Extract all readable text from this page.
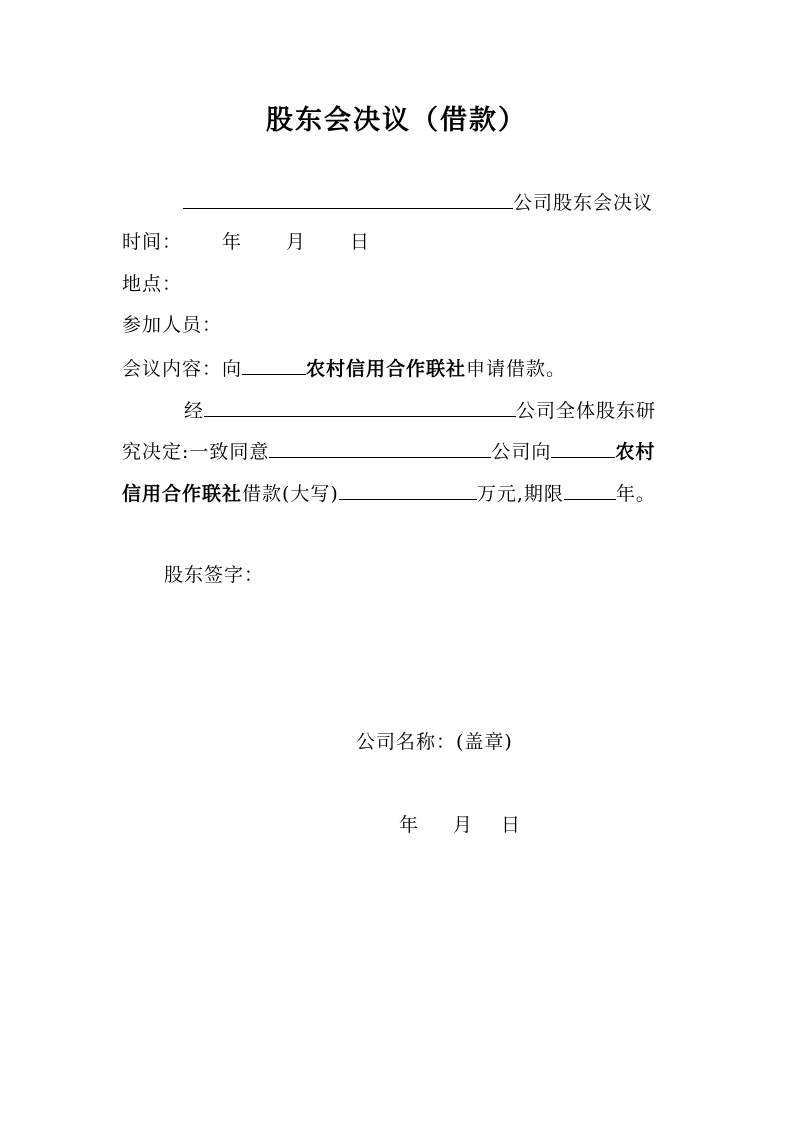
股东会决议（借款）
公司股东会决议
时间： 年 月 日
地点：
参加人员：
会议内容：向	农村信用合作联社申请借款。
经	公司全体股东研
究决定:一致同意	公司向	农村
信用合作联社借款(大写)	万元,期限	年。
股东签字：
公司名称：(盖章)
年 月 日
